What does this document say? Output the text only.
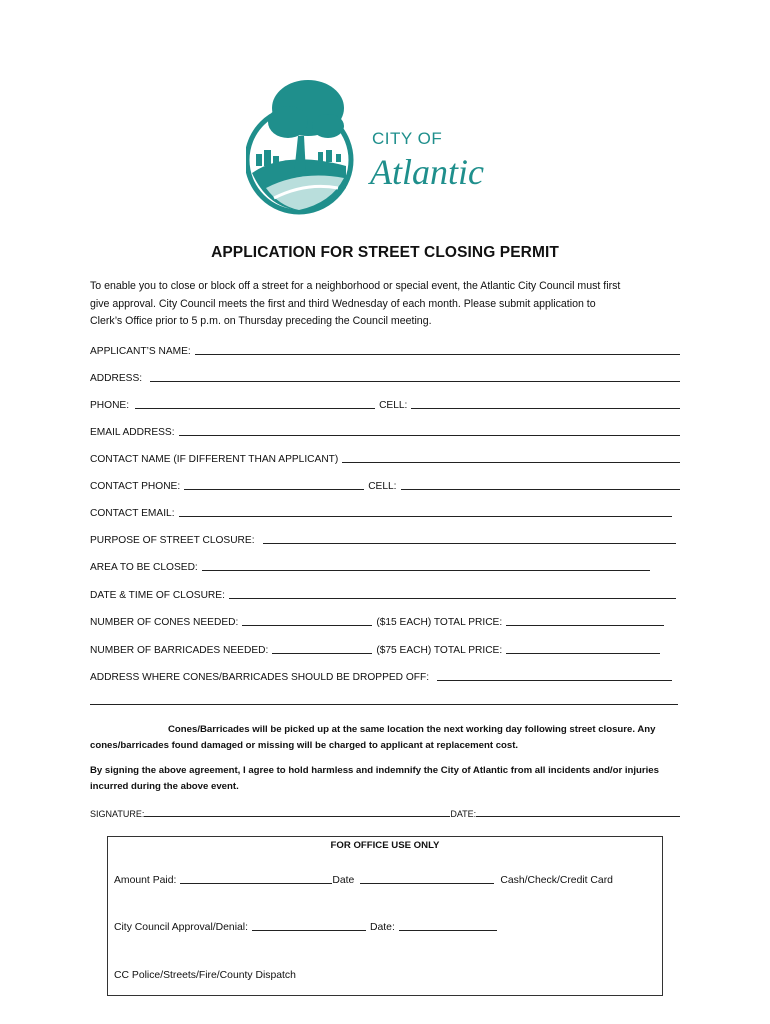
CITY OF
Atlantic
APPLICATION FOR STREET CLOSING PERMIT
To enable you to close or block off a street for a neighborhood or special event, the Atlantic City Council must first
give approval. City Council meets the first and third Wednesday of each month. Please submit application to
Clerk’s Office prior to 5 p.m. on Thursday preceding the Council meeting.
APPLICANT’S NAME:
ADDRESS:
PHONE:	CELL:
EMAIL ADDRESS:
CONTACT NAME (IF DIFFERENT THAN APPLICANT)
CONTACT PHONE:	CELL:
CONTACT EMAIL:
PURPOSE OF STREET CLOSURE:
AREA TO BE CLOSED:
DATE & TIME OF CLOSURE:
NUMBER OF CONES NEEDED:	($15 EACH) TOTAL PRICE:
NUMBER OF BARRICADES NEEDED:	($75 EACH) TOTAL PRICE:
ADDRESS WHERE CONES/BARRICADES SHOULD BE DROPPED OFF:
Cones/Barricades will be picked up at the same location the next working day following street closure. Any
cones/barricades found damaged or missing will be charged to applicant at replacement cost.
By signing the above agreement, I agree to hold harmless and indemnify the City of Atlantic from all incidents and/or injuries
incurred during the above event.
SIGNATURE:	DATE:
FOR OFFICE USE ONLY
Amount Paid:	Date	Cash/Check/Credit Card
City Council Approval/Denial:	Date:
CC Police/Streets/Fire/County Dispatch
